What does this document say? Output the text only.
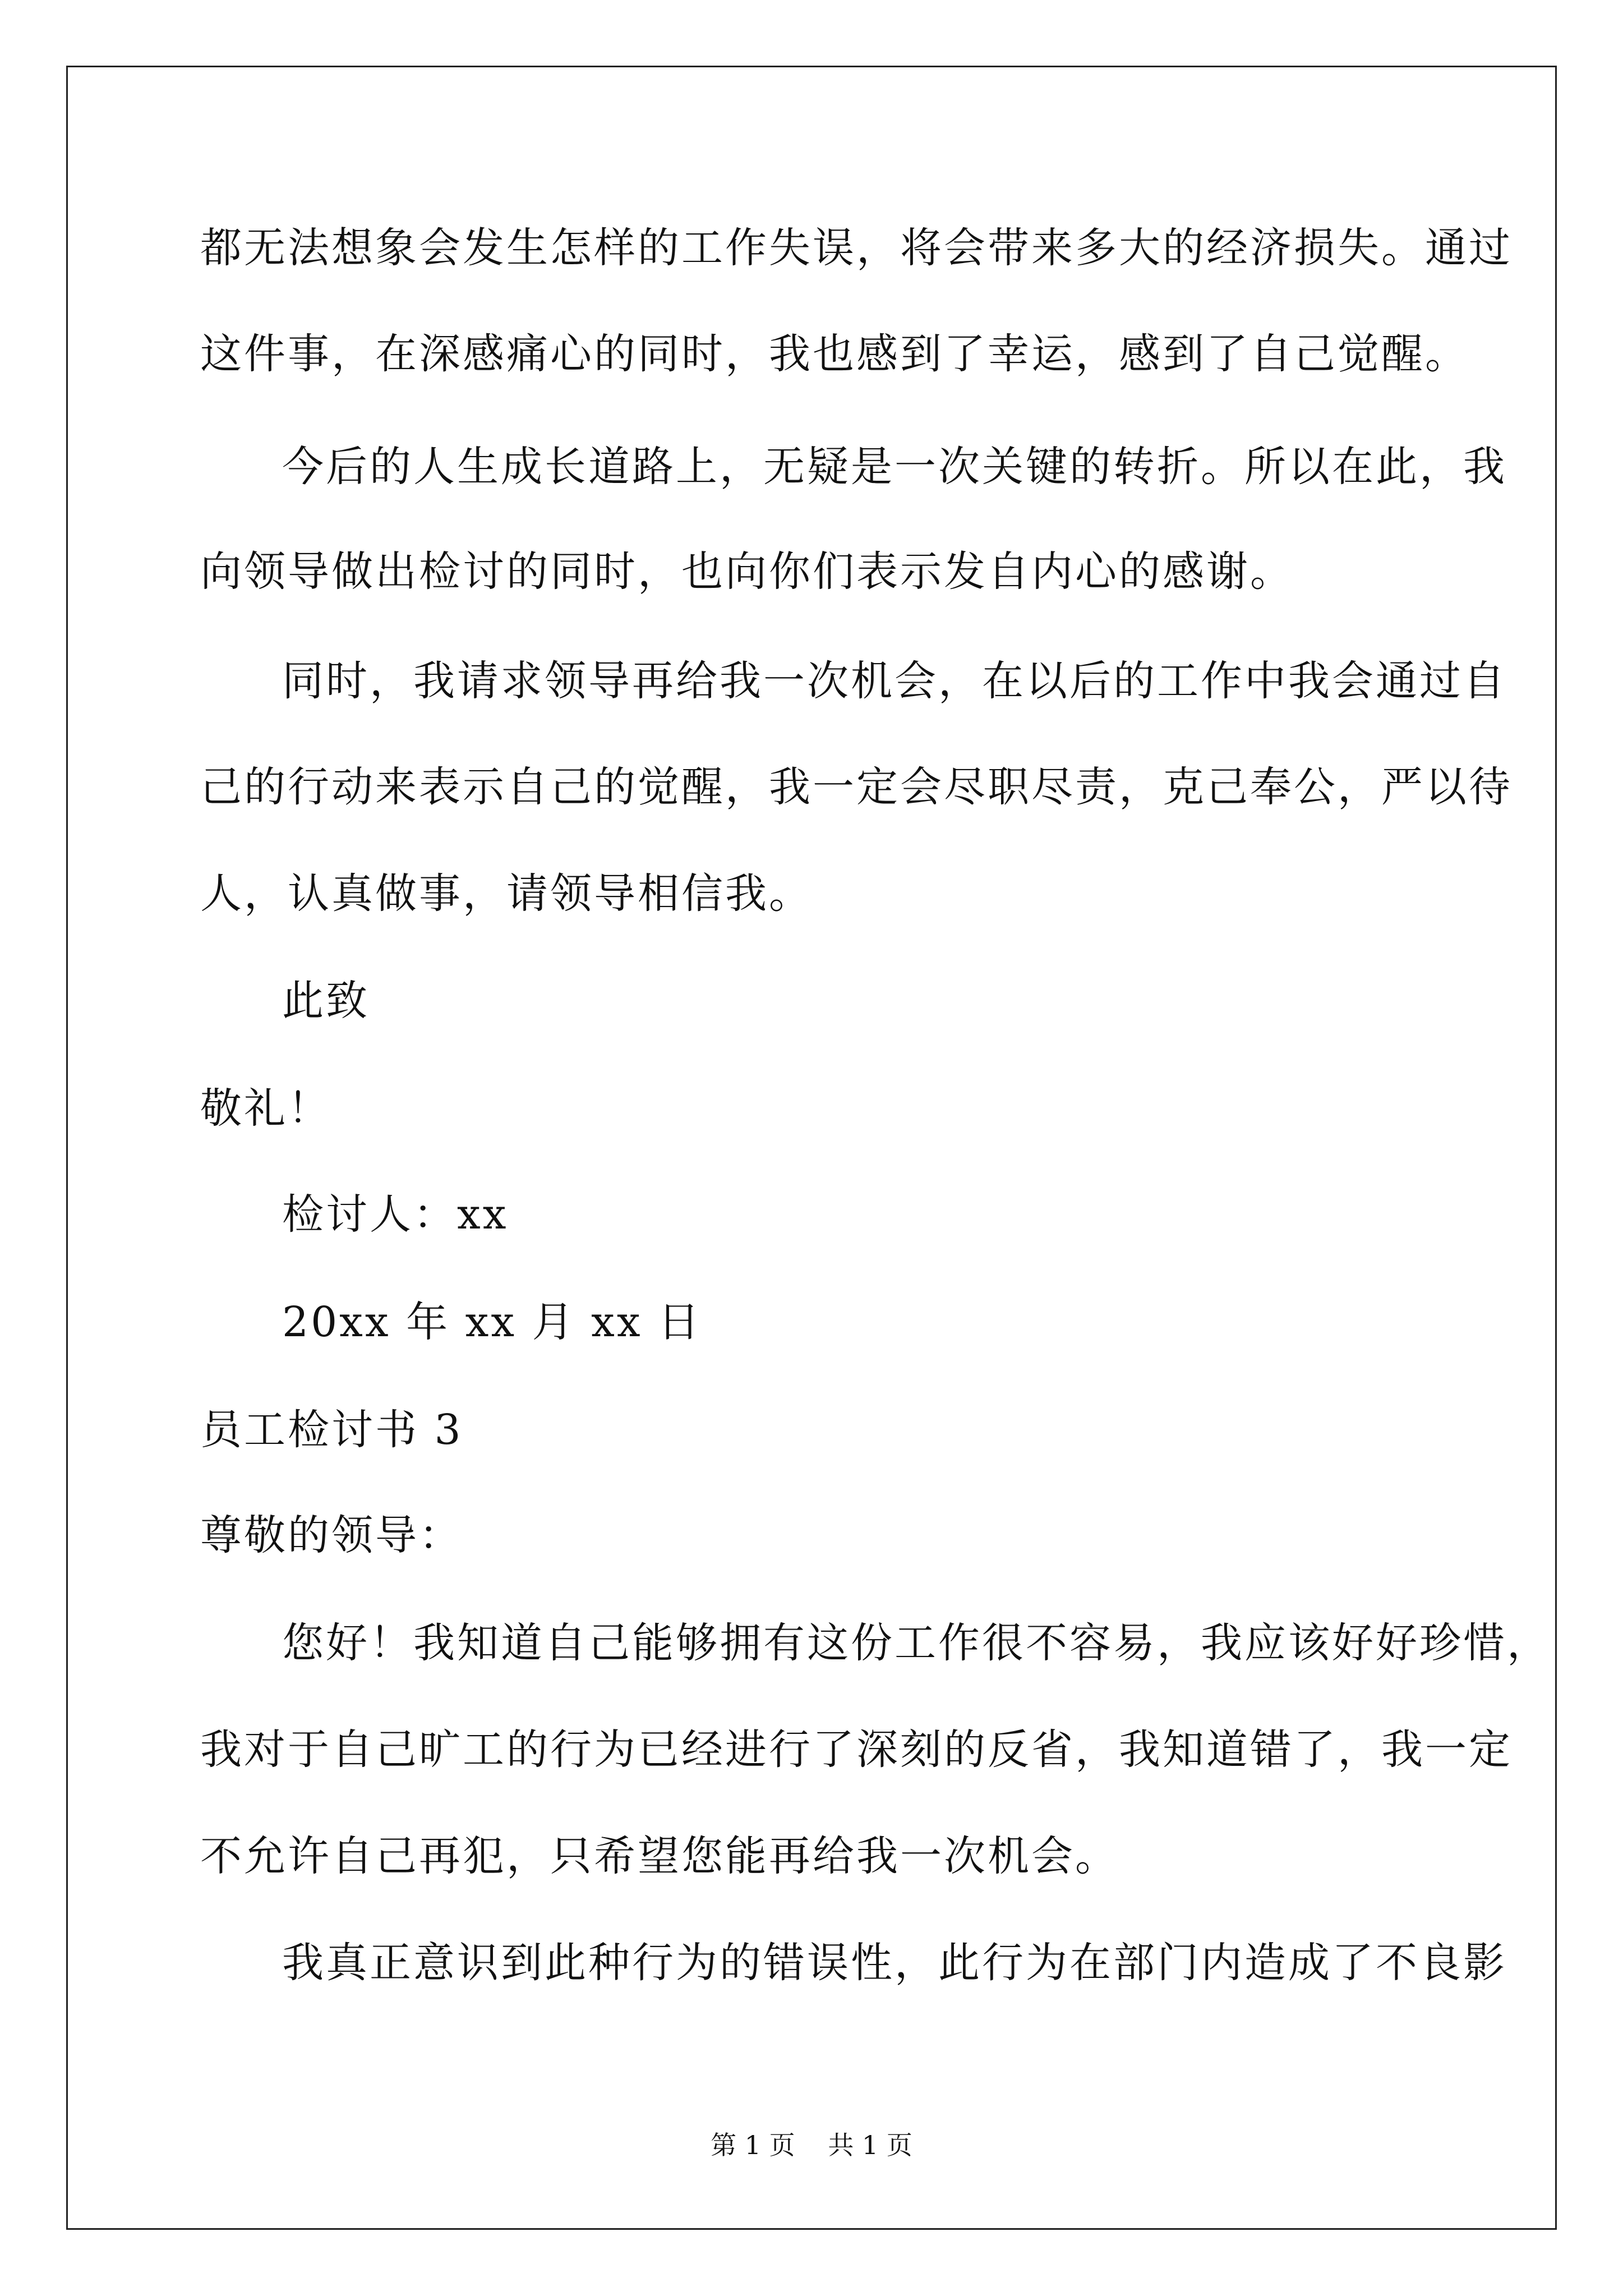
都无法想象会发生怎样的工作失误，将会带来多大的经济损失。通过
这件事，在深感痛心的同时，我也感到了幸运，感到了自己觉醒。
今后的人生成长道路上，无疑是一次关键的转折。所以在此，我
向领导做出检讨的同时，也向你们表示发自内心的感谢。
同时，我请求领导再给我一次机会，在以后的工作中我会通过自
己的行动来表示自己的觉醒，我一定会尽职尽责，克己奉公，严以待
人，认真做事，请领导相信我。
此致
敬礼！
检讨人：xx
20xx 年 xx 月 xx 日
员工检讨书 3
尊敬的领导：
您好！我知道自己能够拥有这份工作很不容易，我应该好好珍惜，
我对于自己旷工的行为已经进行了深刻的反省，我知道错了，我一定
不允许自己再犯，只希望您能再给我一次机会。
我真正意识到此种行为的错误性，此行为在部门内造成了不良影
第 1 页 共 1 页
